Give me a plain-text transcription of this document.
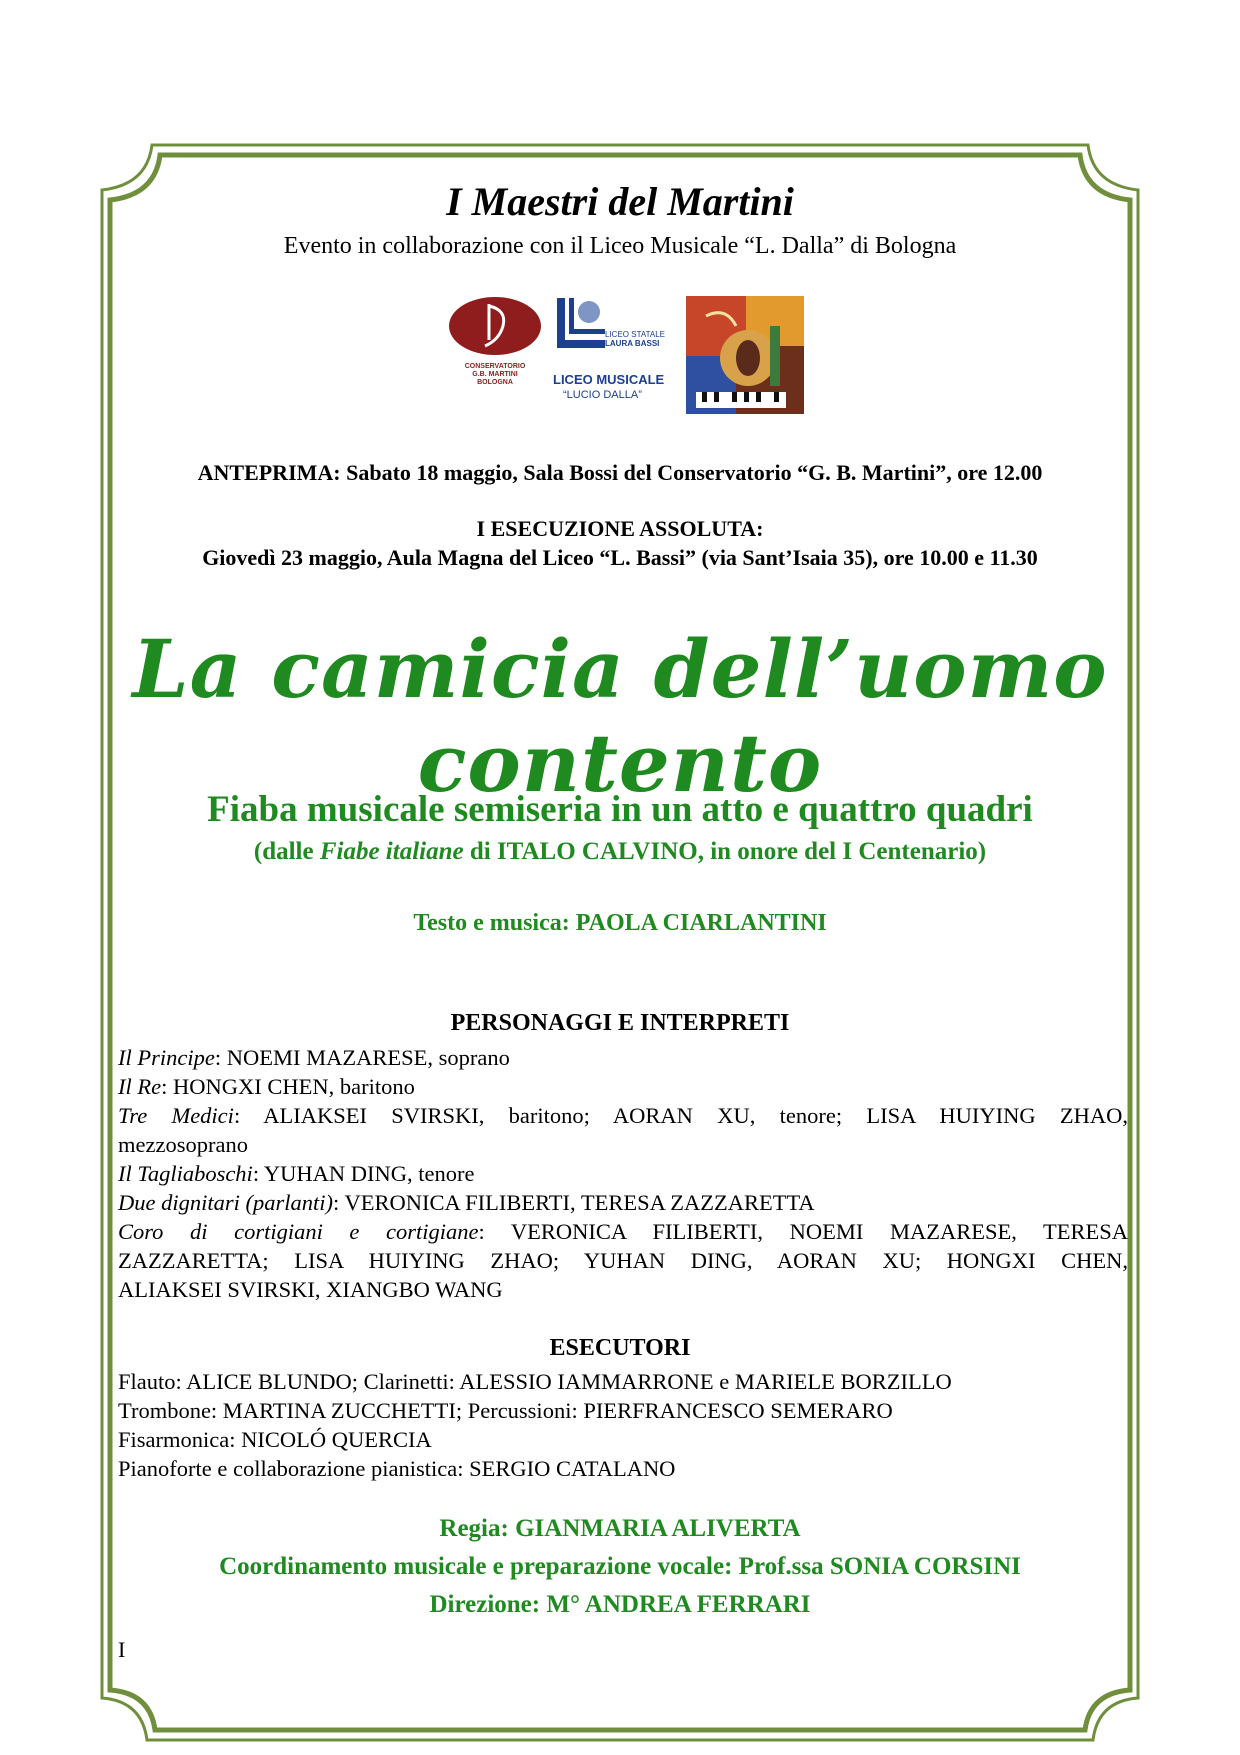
I Maestri del Martini
Evento in collaborazione con il Liceo Musicale “L. Dalla” di Bologna
CONSERVATORIO
G.B. MARTINI
BOLOGNA
LICEO STATALE
LAURA BASSI
LICEO MUSICALE
“LUCIO DALLA”
ANTEPRIMA: Sabato 18 maggio, Sala Bossi del Conservatorio “G. B. Martini”, ore 12.00
I ESECUZIONE ASSOLUTA:
Giovedì 23 maggio, Aula Magna del Liceo “L. Bassi” (via Sant’Isaia 35), ore 10.00 e 11.30
La camicia dell’uomo contento
Fiaba musicale semiseria in un atto e quattro quadri
(dalle Fiabe italiane di ITALO CALVINO, in onore del I Centenario)
Testo e musica: PAOLA CIARLANTINI
PERSONAGGI E INTERPRETI
Il Principe: NOEMI MAZARESE, soprano
Il Re: HONGXI CHEN, baritono
Tre Medici: ALIAKSEI SVIRSKI, baritono; AORAN XU, tenore; LISA HUIYING ZHAO,
mezzosoprano
Il Tagliaboschi: YUHAN DING, tenore
Due dignitari (parlanti): VERONICA FILIBERTI, TERESA ZAZZARETTA
Coro di cortigiani e cortigiane: VERONICA FILIBERTI, NOEMI MAZARESE, TERESA
ZAZZARETTA; LISA HUIYING ZHAO; YUHAN DING, AORAN XU; HONGXI CHEN,
ALIAKSEI SVIRSKI, XIANGBO WANG
ESECUTORI
Flauto: ALICE BLUNDO; Clarinetti: ALESSIO IAMMARRONE e MARIELE BORZILLO
Trombone: MARTINA ZUCCHETTI; Percussioni: PIERFRANCESCO SEMERARO
Fisarmonica: NICOLÓ QUERCIA
Pianoforte e collaborazione pianistica: SERGIO CATALANO
Regia: GIANMARIA ALIVERTA
Coordinamento musicale e preparazione vocale: Prof.ssa SONIA CORSINI
Direzione: M° ANDREA FERRARI
I
